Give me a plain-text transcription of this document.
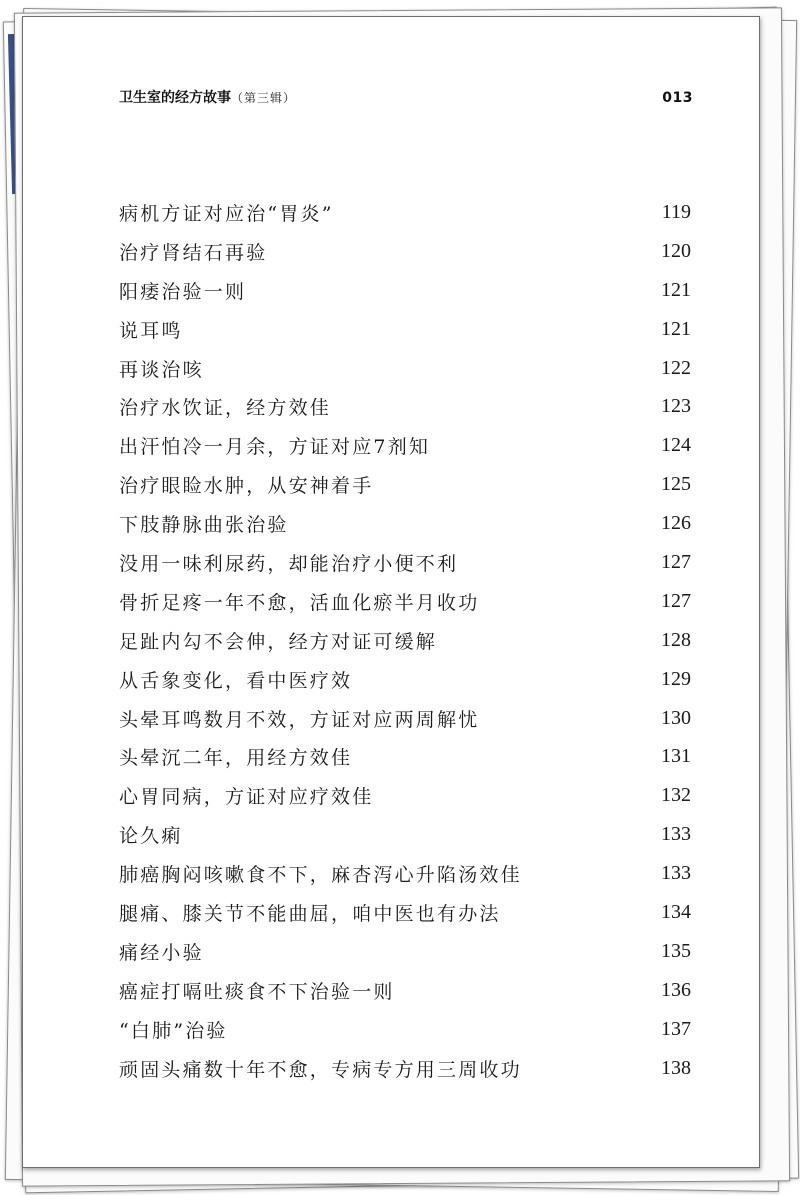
卫生室的经方故事（第三辑）	013
病机方证对应治“胃炎”	119
治疗肾结石再验	120
阳痿治验一则	121
说耳鸣	121
再谈治咳	122
治疗水饮证，经方效佳	123
出汗怕冷一月余，方证对应7剂知	124
治疗眼睑水肿，从安神着手	125
下肢静脉曲张治验	126
没用一味利尿药，却能治疗小便不利	127
骨折足疼一年不愈，活血化瘀半月收功	127
足趾内勾不会伸，经方对证可缓解	128
从舌象变化，看中医疗效	129
头晕耳鸣数月不效，方证对应两周解忧	130
头晕沉二年，用经方效佳	131
心胃同病，方证对应疗效佳	132
论久痢	133
肺癌胸闷咳嗽食不下，麻杏泻心升陷汤效佳	133
腿痛、膝关节不能曲屈，咱中医也有办法	134
痛经小验	135
癌症打嗝吐痰食不下治验一则	136
“白肺”治验	137
顽固头痛数十年不愈，专病专方用三周收功	138
